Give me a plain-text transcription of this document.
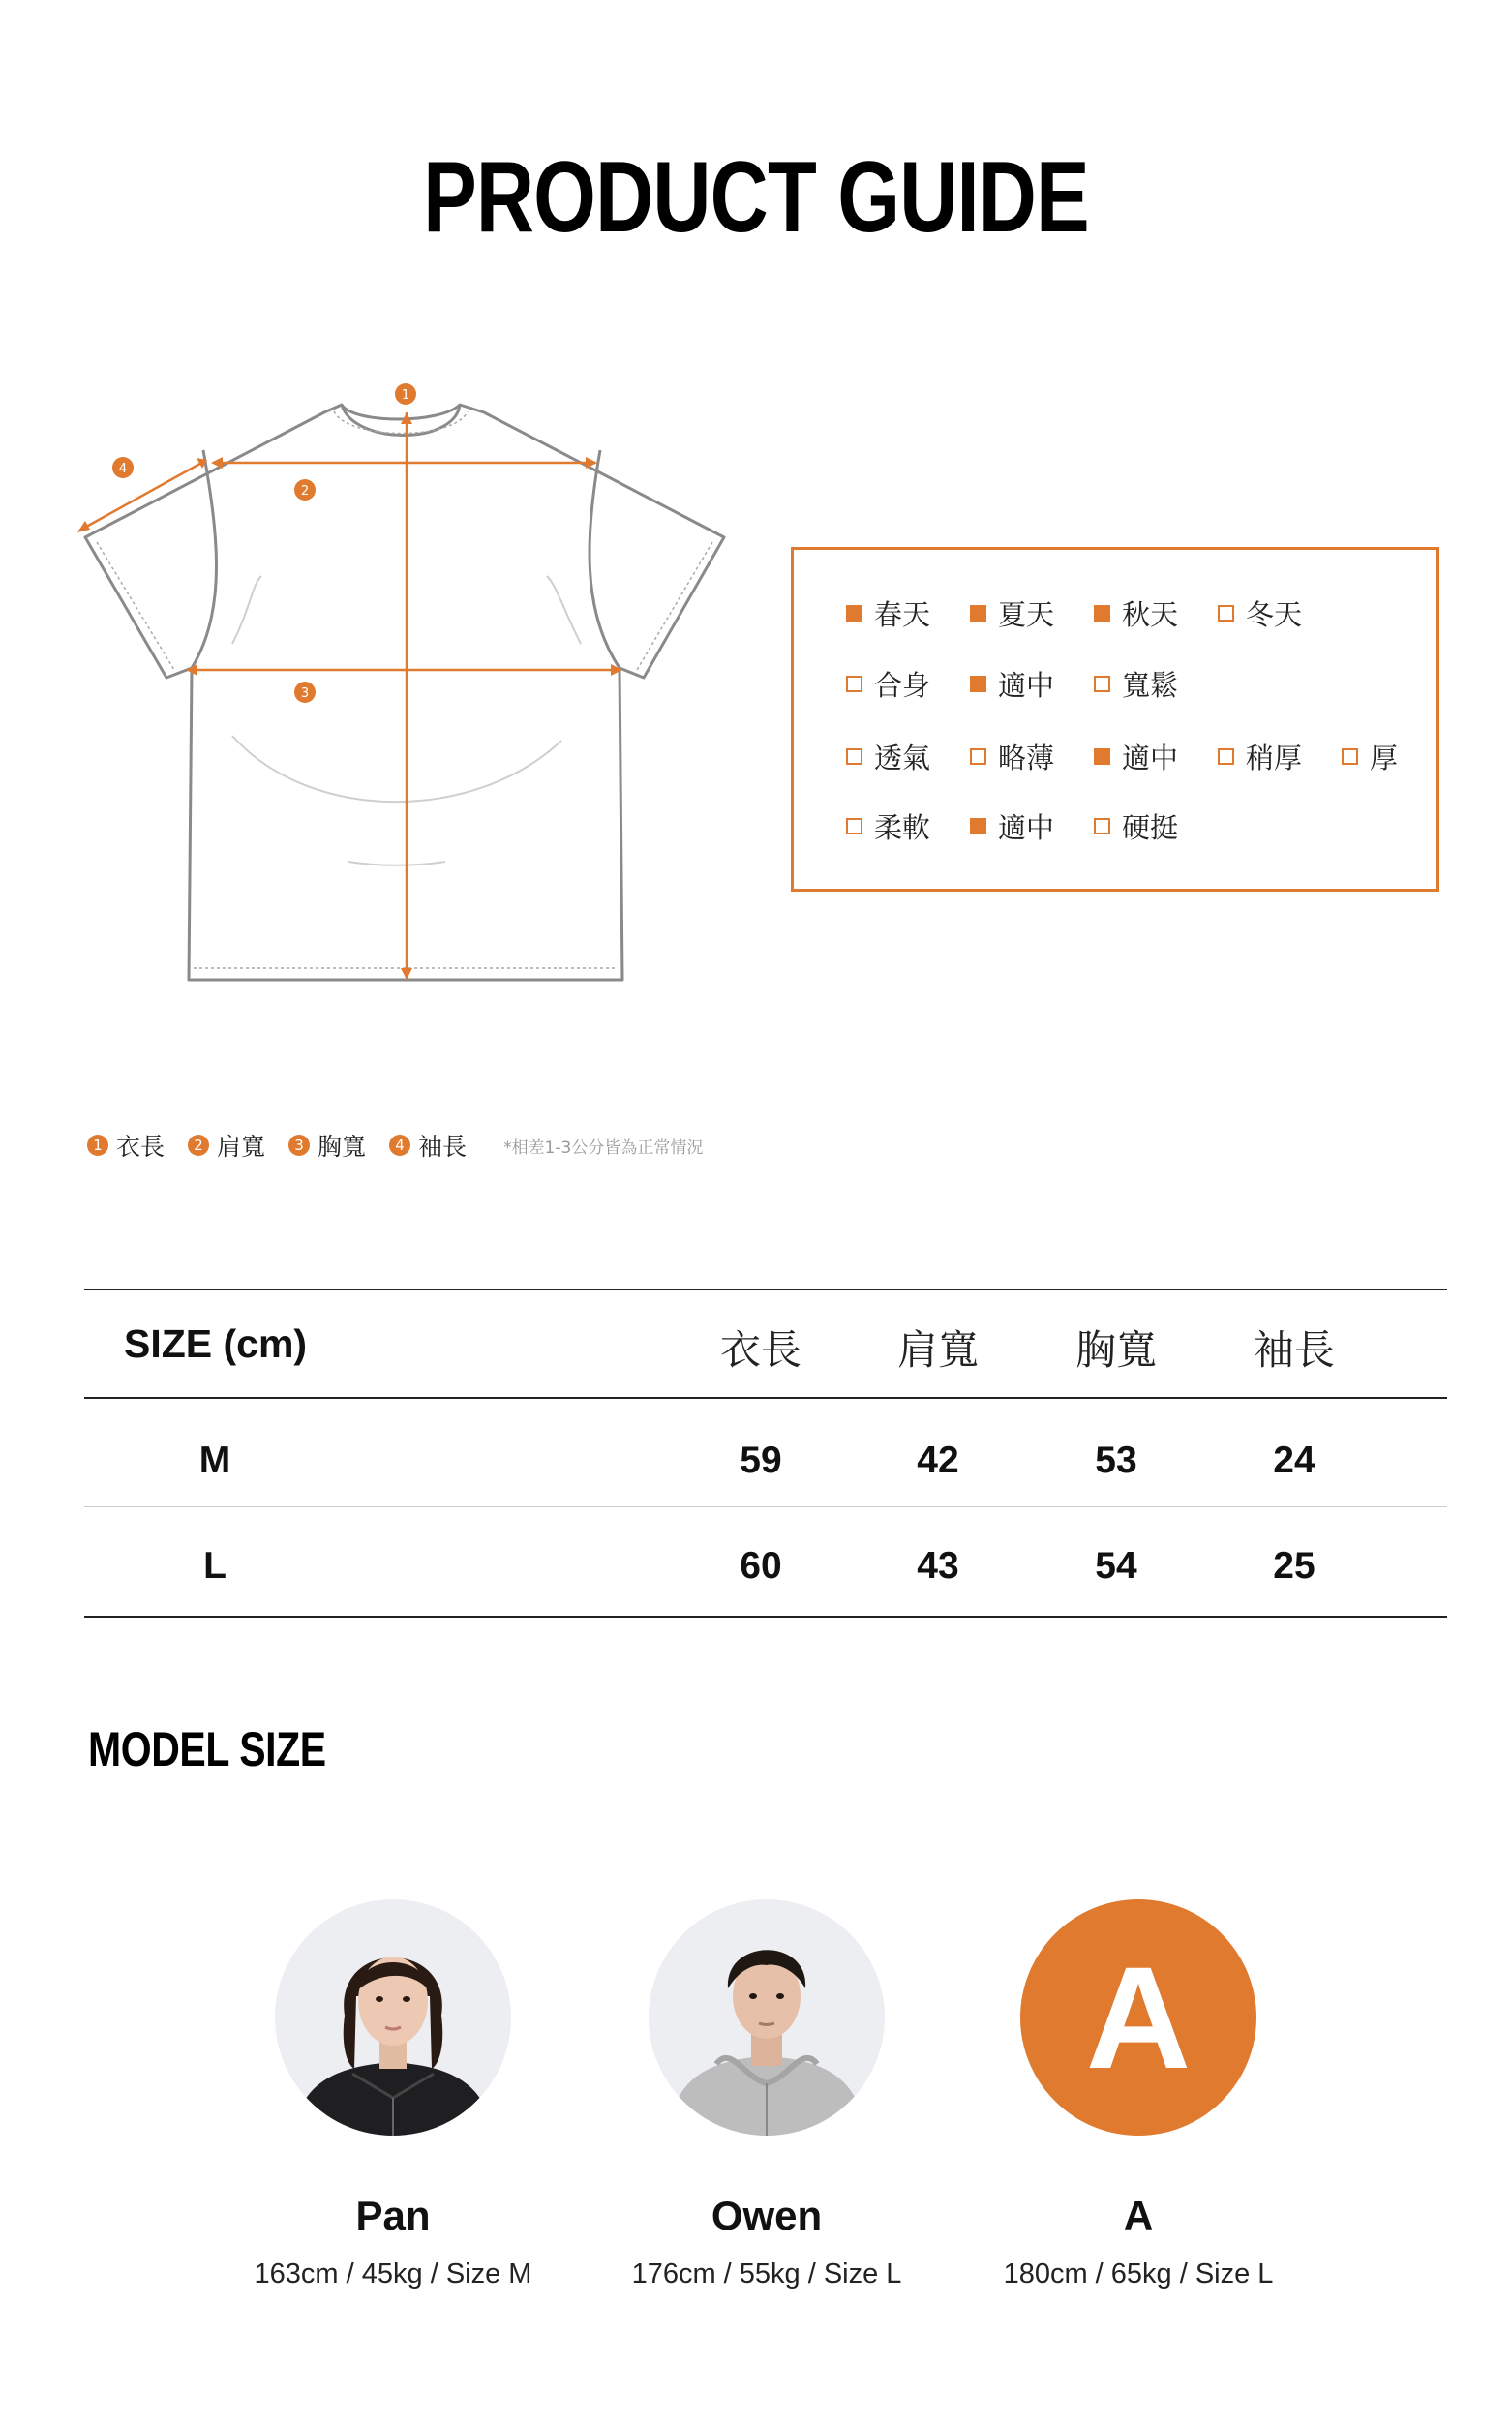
PRODUCT GUIDE
1
2
3
4
春天 夏天 秋天 冬天
合身 適中 寬鬆
透氣 略薄 適中 稍厚 厚
柔軟 適中 硬挺
1 衣長	2 肩寬	3 胸寬	4 袖長 *相差1-3公分皆為正常情況
SIZE (cm)	衣長	肩寬	胸寬	袖長
M	59	42	53	24
L	60	43	54	25
MODEL SIZE
Pan
163cm / 45kg / Size M
Owen
176cm / 55kg / Size L
A
A
180cm / 65kg / Size L
